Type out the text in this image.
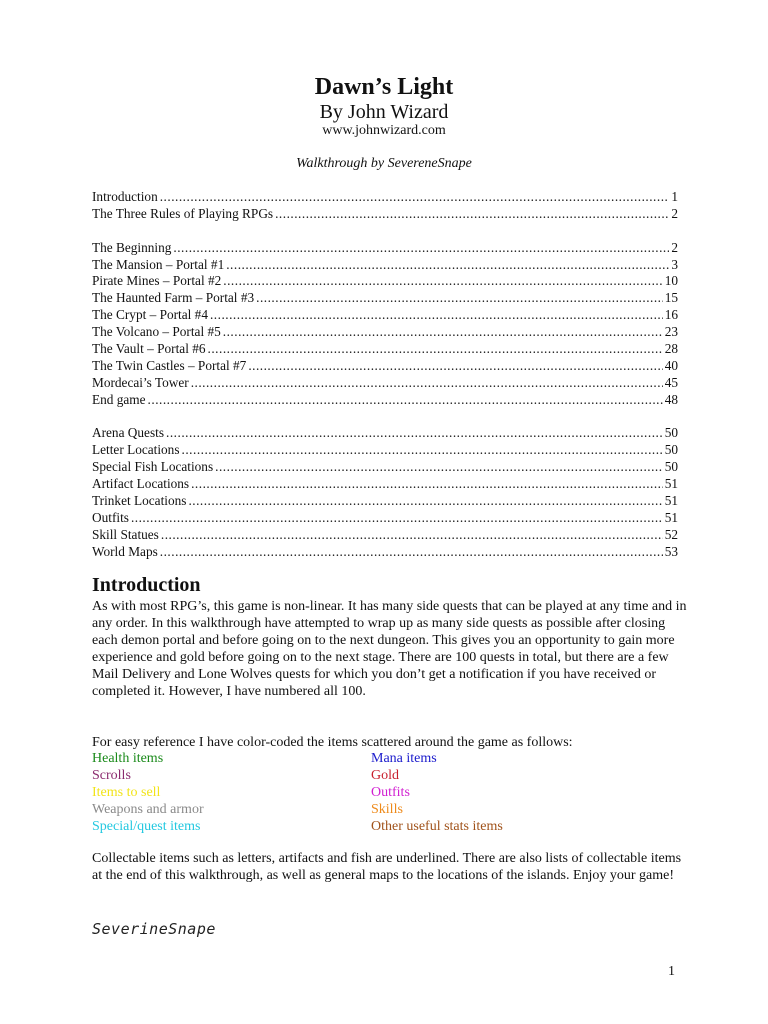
Dawn’s Light
By John Wizard
www.johnwizard.com
Walkthrough by SevereneSnape
Introduction .....	1
The Three Rules of Playing RPGs .....	2
The Beginning .....	2
The Mansion – Portal #1 .....	3
Pirate Mines – Portal #2 .....	10
The Haunted Farm – Portal #3 .....	15
The Crypt – Portal #4 .....	16
The Volcano – Portal #5 .....	23
The Vault – Portal #6 .....	28
The Twin Castles – Portal #7 .....	40
Mordecai’s Tower .....	45
End game .....	48
Arena Quests .....	50
Letter Locations .....	50
Special Fish Locations .....	50
Artifact Locations .....	51
Trinket Locations .....	51
Outfits .....	51
Skill Statues .....	52
World Maps .....	53
Introduction

As with most RPG’s, this game is non-linear. It has many side quests that can be played at any time and in any order. In this walkthrough have attempted to wrap up as many side quests as possible after closing each demon portal and before going on to the next dungeon. This gives you an opportunity to gain more experience and gold before going on to the next stage. There are 100 quests in total, but there are a few Mail Delivery and Lone Wolves quests for which you don’t get a notification if you have received or completed it. However, I have numbered all 100.

For easy reference I have color-coded the items scattered around the game as follows:

Health items	Mana items
Scrolls	Gold
Items to sell	Outfits
Weapons and armor	Skills
Special/quest items	Other useful stats items

Collectable items such as letters, artifacts and fish are underlined. There are also lists of collectable items at the end of this walkthrough, as well as general maps to the locations of the islands. Enjoy your game!

SeverineSnape
1
